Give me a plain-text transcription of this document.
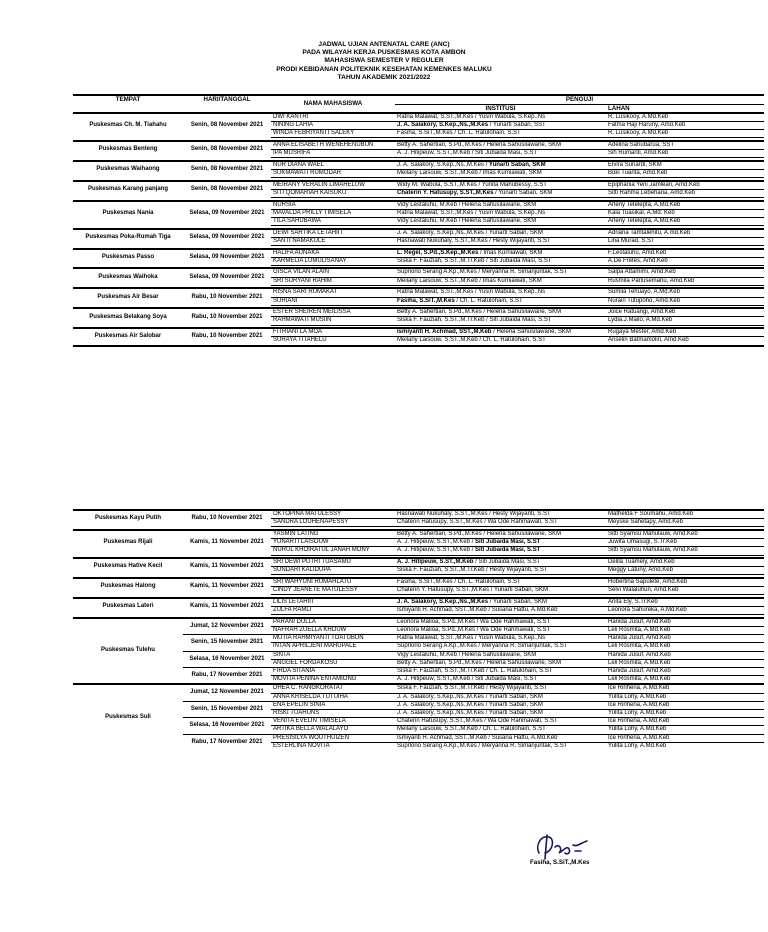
JADWAL UJIAN ANTENATAL CARE (ANC)
PADA WILAYAH KERJA PUSKESMAS KOTA AMBON
MAHASISWA SEMESTER V REGULER
PRODI KEBIDANAN POLITEKNIK KESEHATAN KEMENKES MALUKU
TAHUN AKADEMIK 2021/2022
TEMPAT	HARI/TANGGAL	NAMA MAHASISWA	PENGUJI	
			INSTITUSI	LAHAN
Puskesmas Ch. M. Tiahahu	Senin, 08 November 2021	DWI KANTRI	Ratna Malawat, S.ST.,M.Kes / Yusin Wabula, S.Kep.,Ns	R. Lusikooy, A.Md.Keb
		NINING LAHIA	J. A. Salakory, S.Kep.,Ns.,M.Kes / Yunarti Saban, SST	Fatma Haji Haruny, Amd.Keb
		WINDA FEBRIYANTI SALEKY	Fasiha, S.SiT.,M.Kes / Ch. L. Ratulohain, S.ST	R. Lusikooy, A.Md.Keb

Puskesmas Benteng	Senin, 08 November 2021	ANNA ELISABETH WENEHENUBUN	Betty A. Sahertian, S.Pd.,M.Kes / Helena Sahusilawane, SKM	Adelina Sahubarua, SST
		IPA MUSRIFA	A. J. Hitipeuw, S.ST.,M.Keb / Siti Jubaida Masi, S.ST	Sih Rumanti, Amd.Keb

Puskesmas Waihaong	Senin, 08 November 2021	NUR DIANA WAEL	J. A. Salakory, S.Kep.,Ns.,M.Kes / Yunarti Saban, SKM	Elvira Sunardi, SKM
		SUKMAWATI RUMODAR	Meilany Laisouw, S.ST.,M.Keb / Imas Kurniawati, SKM	Boki Tuarita, Amd.Keb

Puskesmas Karang panjang	Senin, 08 November 2021	MEIRANY VERALIN LIMAHELUW	Widy M. Wabula, S.ST.,M.Kes / Yunita Mahubessy, S.ST	Epiphania Yeni Jamlean, Amd.Keb
		SITI QOMARIAH KAISUKU	Chaterin Y. Hatusupy, S.ST.,M.Kes / Yunarti Saban, SKM	Sitti Rahma Lebeharia, Amd.Keb

Puskesmas Nania	Selasa, 09 November 2021	NURSIA	Vidy Lestaluhu, M.Keb / Helena Sahusilawane, SKM	Arleny Tetelepta, A.Md.Keb
		MAVALDA PRILLY TIMISELA	Ratna Malawat, S.ST.,M.Kes / Yusin Wabula, S.Kep.,Ns	Kala Tuasikal, A.Md. Keb
		TILA SAHUBAWA	Vidy Lestaluhu, M.Keb / Helena Sahusilawane, SKM	Arleny Tetelepta, A.Md.Keb

Puskesmas Poka-Rumah Tiga	Selasa, 09 November 2021	DEWI SARTIKA LETAHIIT	J. A. Salakory, S.Kep.,Ns.,M.Kes / Yunarti Saban, SKM	Adriana Tamtalehitu, A.md.Keb
		SANTI NAMAKULE	Hasnawati Nukuhaly, S.ST.,M.Kes / Hesty Wijayanti, S.ST	Lina Murad, S.ST

Puskesmas Passo	Selasa, 09 November 2021	HALIFA AUNAKA	L. Regel, S.Pd.,S.Kep.,M.Kes / Imas Kurniawati, SKM	F.Lestaluhu, Amd.Keb
		KARMELIA LUMULISANAY	Siska F. Fauziah, S.ST.,M.Tr.Keb / Siti Jubaida Masi, S.ST	A.De Fretes, Amd.Keb

Puskesmas Waihoka	Selasa, 09 November 2021	GISCA VILAN ALAIN	Supriono Serang A.Kp.,M.Kes / Meryanna R. Simanjuntak, S.ST	Salpa Attamimi, Amd.Keb
		SRI SURYANI RAHIM	Meilany Laisouw, S.ST.,M.Keb / Imas Kurniawati, SKM	Rusmila Parlusemahu, Amd.Keb

Puskesmas Air Besar	Rabu, 10 November 2021	RISNA SARI RUMAKAT	Ratna Malawat, S.ST.,M.Kes / Yusin Wabula, S.Kep.,Ns	Sumila Tehuayo, A.Md.Keb
		SURIANI	Fasiha, S.SiT.,M.Kes / Ch. L. Ratulohain, S.ST	Nurain Tutupoho, Amd.Keb

Puskesmas Belakang Soya	Rabu, 10 November 2021	ESTER SHEIREN MEILISSA	Betty A. Sahertian, S.Pd.,M.Kes / Helena Sahusilawane, SKM	Joice Ratuangi, Amd.Keb
		RAHMAWATI MUSIIN	Siska F. Fauziah, S.ST.,M.Tr.Keb / Siti Jubaida Masi, S.ST	Lydia.J.Mailo, A.Md.Keb

Puskesmas Air Salobar	Rabu, 10 November 2021	FITRIANI LA MOA	Ismiyanti H. Achmad, SST.,M.Keb / Helena Sahusilawane, SKM	Rugaya Mesfer, Amd.Keb
		SURAYA TITAHELU	Meilany Laisouw, S.ST.,M.Keb / Ch. L. Ratulohain, S.ST	Anselin Batmamolin, Amd.Keb

Puskesmas Kayu Putih	Rabu, 10 November 2021	OKTOPINA MATULESSY	Hasnawati Nukuhaly, S.ST.,M.Kes / Hesty Wijayanti, S.ST	Mathelda F Soumahu, Amd.Keb
		SANDRA LOUHENAPESSY	Chaterin Hatusupy, S.ST.,M.Kes / Wa Ode Rahmawati, S.ST	Meyske Sahetapy, Amd.Keb

Puskesmas Rijali	Kamis, 11 November 2021	YASMIN LATING	Betty A. Sahertian, S.Pd.,M.Kes / Helena Sahusilawane, SKM	Sitti Syamsu Mahulauw, Amd.Keb
		YUNARTI LAISOUW	A. J. Hitipeuw, S.ST.,M.Keb / Siti Jubaida Masi, S.ST	Juwita Umasugi, S.Tr.Keb
		NURUL KHOIRATUL JANAH MONY	A. J. Hitipeuw, S.ST.,M.Keb / Siti Jubaida Masi, S.ST	Sitti Syamsu Mahulauw, Amd.Keb

Puskesmas Hative Kecil	Kamis, 11 November 2021	SRI DEWI PUTRI TUASAMU	A. J. Hitipeuw, S.ST.,M.Keb / Siti Jubaida Masi, S.ST	Delila Tuamely, Amd.Keb
		SUNDARI KALIDUPA	Siska F. Fauziah, S.ST.,M.Tr.Keb / Hesty Wijayanti, S.ST	Meggy Latuny, Amd.Keb

Puskesmas Halong	Kamis, 11 November 2021	SRI WAHYUNI RUMAHLATU	Fasiha, S.SiT.,M.Kes / Ch. L. Ratulohain, S.ST	Hobertina Sapulete, Amd.Keb
		CINDY JEANETE MATULESSY	Chaterin Y. Hatusupy, S.ST.,M.Kes / Yunarti Saban, SKM	Selvi Walaluhun, Amd.Keb

Puskesmas Lateri	Kamis, 11 November 2021	LILIS LETAHIIT	J. A. Salakory, S.Kep.,Ns.,M.Kes / Yunarti Saban, SKM	Anita Ely, S.Tr.Keb
		ZULFA RAMLI	Ismiyanti H. Achmad, SST.,M.Keb / Susana Hattu, A.Md.Keb	Leonora Sahureka, A.Md.Keb

Puskesmas Tulehu	Jumat, 12 November 2021	PARANI DULLA	Leonora Malioa, S.Pd.,M.Kes / Wa Ode Rahmawati, S.ST	Hanida Jusuf, Amd.Keb
		NAFRAH ZUELLA KHOUW	Leonora Malioa, S.Pd.,M.Kes / Wa Ode Rahmawati, S.ST	Leli Rosmita, A.Md.Keb
	Senin, 15 November 2021	MUTIA RAHMIYANTI TOATUBUN	Ratna Malawat, S.ST.,M.Kes / Yusin Wabula, S.Kep.,Ns	Hanida Jusuf, Amd.Keb
		INTAN APRILJENI MAHUPALE	Suprlono Serang A.Kp.,M.Kes / Meryanna R. Simanjuntak, S.ST	Leli Rosmita, A.Md.Keb
	Selasa, 16 November 2021	SINTA	Vigy Lestaluhu, M.Keb / Helena Sahusilawane, SKM	Hanida Jusuf, Amd.Keb
		ANGGEL FORDAKOSU	Betty A. Sahertian, S.Pd.,M.Kes / Helena Sahusilawane, SKM	Leli Rosmita, A.Md.Keb
	Rabu, 17 November 2021	FIRDA SITANIA	Siska F. Fauziah, S.ST.,M.Tr.Keb / Ch. L. Ratulohain, S.ST	Hanida Jusuf, Amd.Keb
		MOVITA PENINA ENTAMIONG	A. J. Hitipeuw, S.ST.,M.Keb / Siti Jubaida Masi, S.ST	Leli Rosmita, A.Md.Keb
Puskesmas Suli	Jumat, 12 November 2021	DHEA C. RANGKORATAT	Siska F. Fauziah, S.ST.,M.Tr.Keb / Hesty Wijayanti, S.ST	Ice Ririhena, A.Md.Keb
		ANNA KRISELDA TUTUIHA	J. A. Salakory, S.Kep.,Ns.,M.Kes / Yunarti Saban, SKM	Yulita Lohy, A.Md.Keb
	Senin, 15 November 2021	ENA EPELIN SINIA	J. A. Salakory, S.Kep.,Ns.,M.Kes / Yunarti Saban, SKM	Ice Rirlhena, A.Md.Keb
		RISKI TUAHUNS	J. A. Salakory, S.Kep.,Ns.,M.Kes / Yunarti Saban, SKM	Yulita Lohy, A.Md.Keb
	Selasa, 16 November 2021	VENITA EVELIN TIMISELA	Chaterin Hatusupy, S.ST.,M.Kes / Wa Ode Rahmawati, S.ST	Ice Rirlhena, A.Md.Keb
		ARTIKA BELLA WALALAYO	Meilany Laisouw, S.ST.,M.Keb / Ch. L. Ratulohain, S.ST	Yulita Lohy, A.Md.Keb
	Rabu, 17 November 2021	PRESISILYA WOUTHUIZEN	Ismiyanti H. Achmad, SST.,M.Keb / Susana Hattu, A.Md.Keb	Ice Rirlhena, A.Md.Keb
		ESTERLINA NOVITA	Suprlono Serang A.Kp.,M.Kes / Meryanna R. Simanjuntak, S.ST	Yulita Lohy, A.Md.Keb
Fasiha, S.SiT.,M.Kes
